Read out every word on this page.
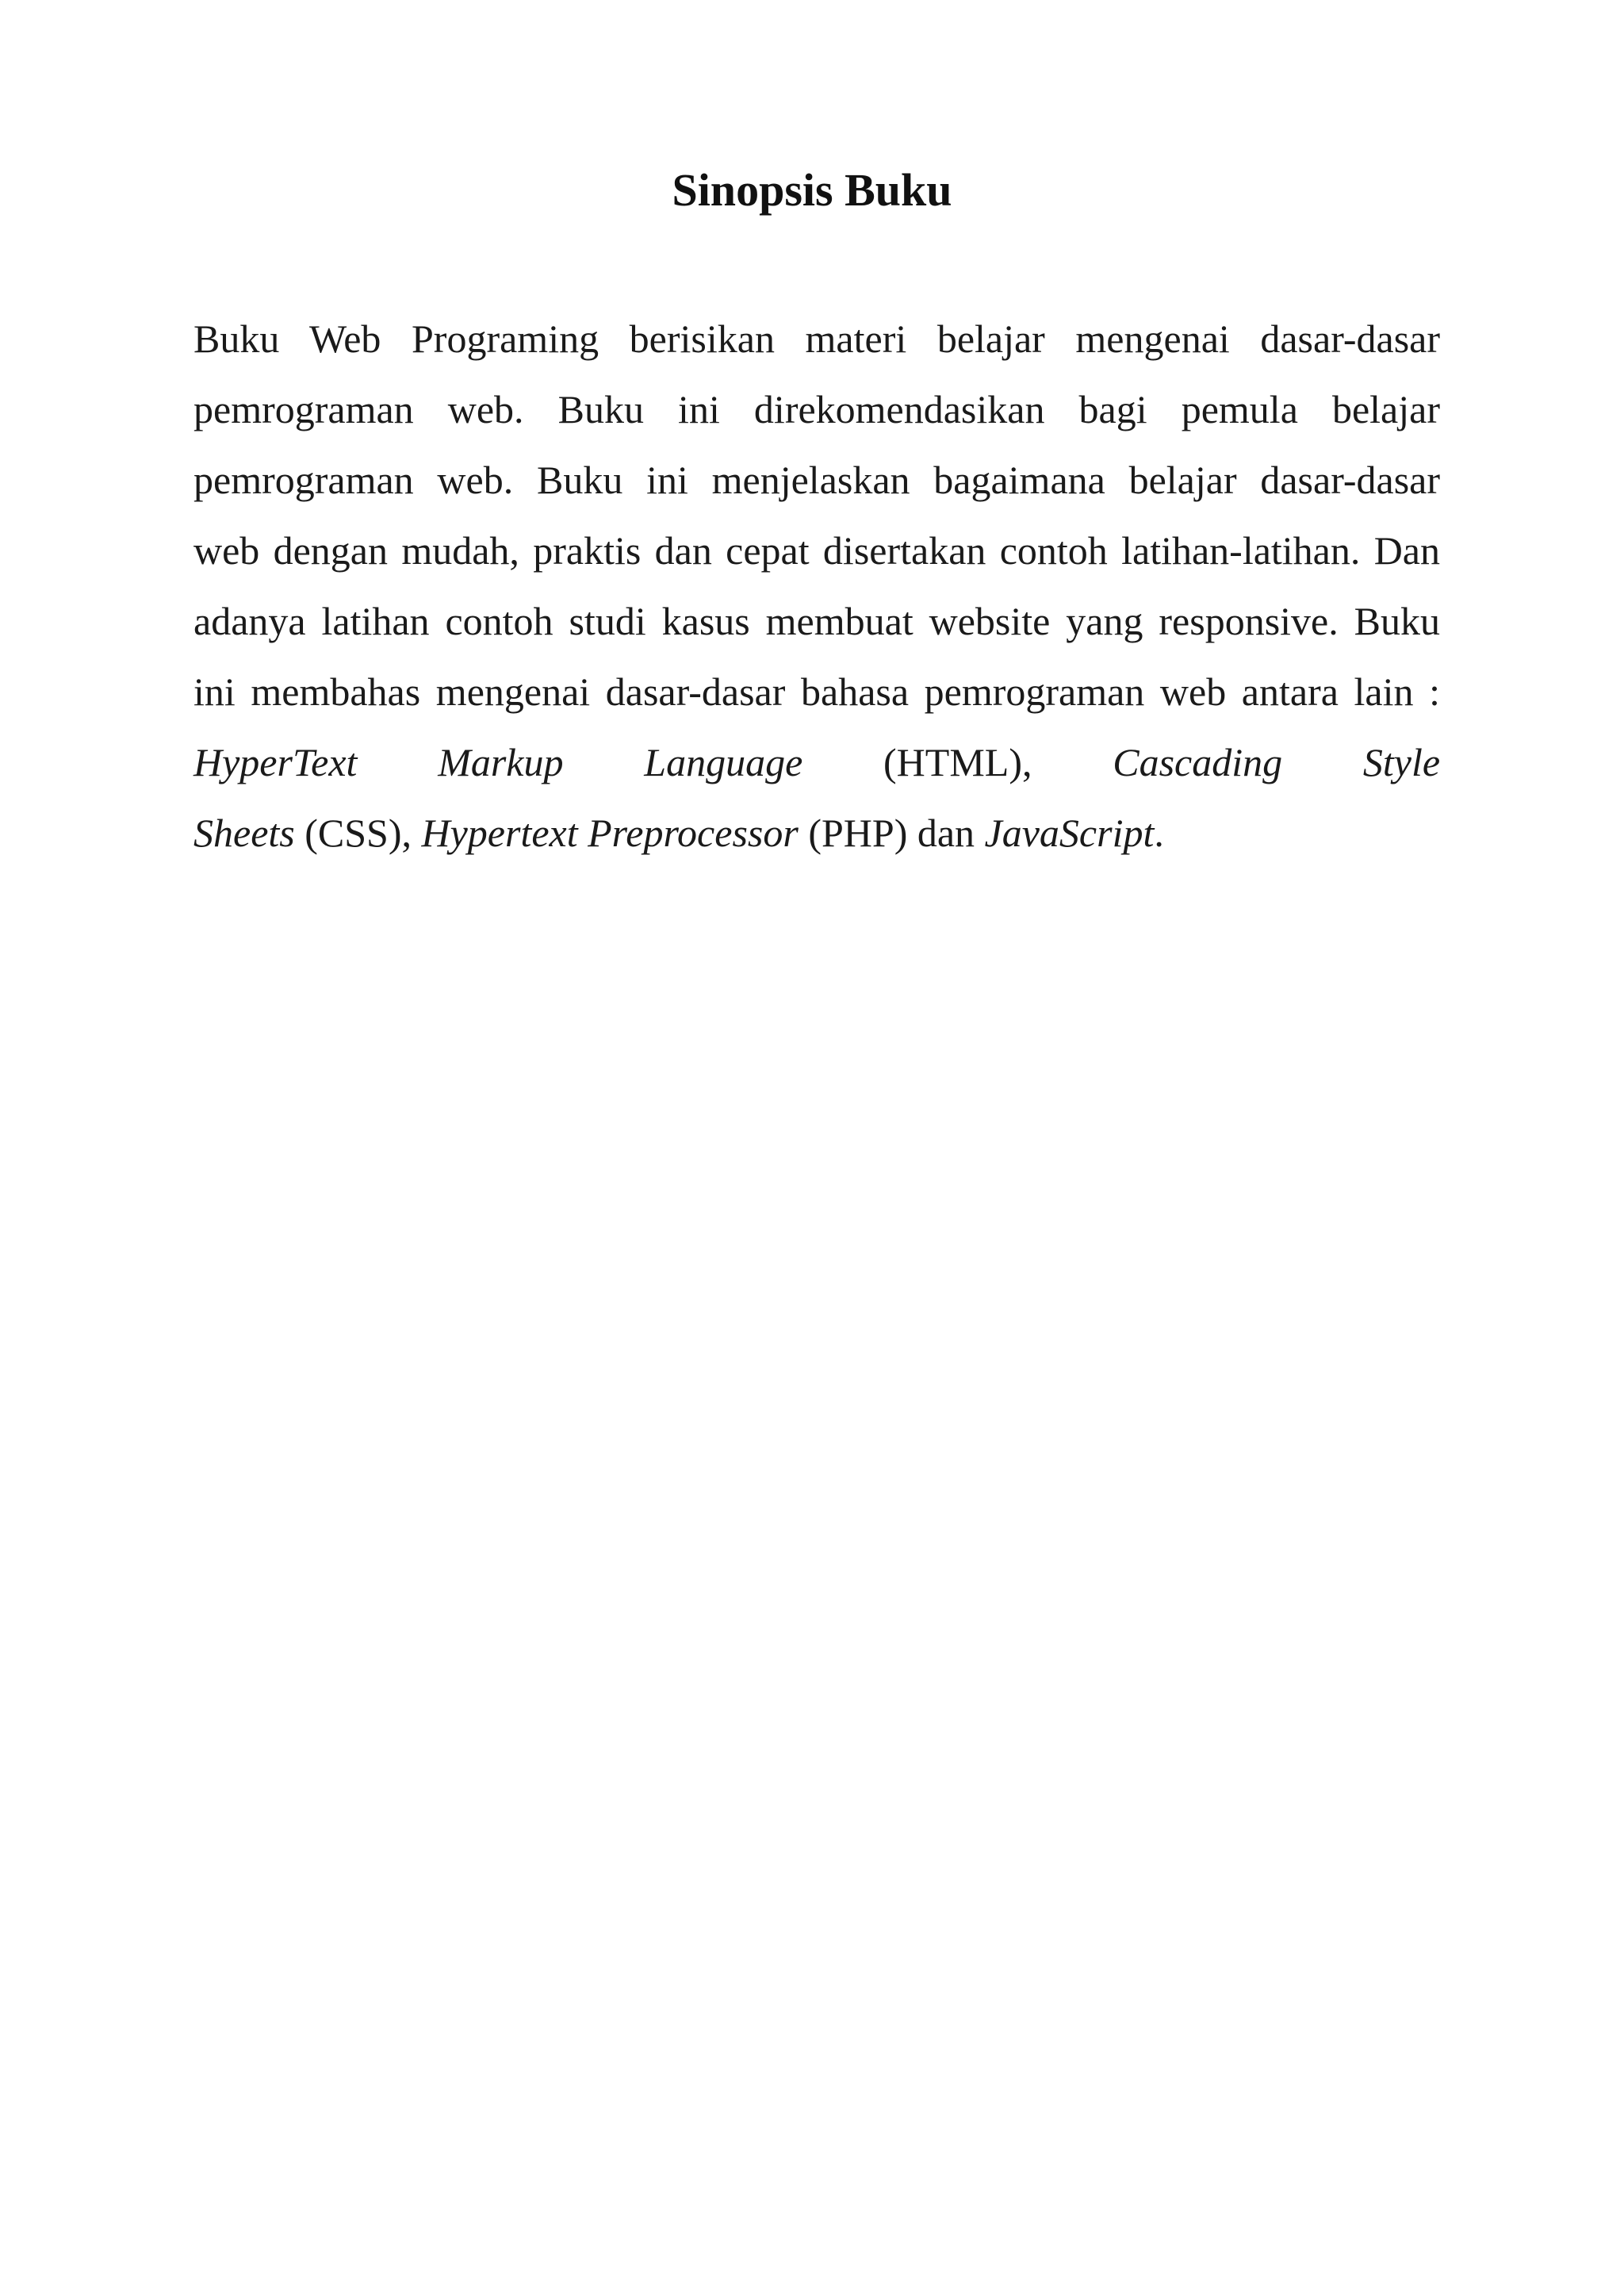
Sinopsis Buku
Buku Web Programing berisikan materi belajar mengenai dasar-dasar
pemrograman web. Buku ini direkomendasikan bagi pemula belajar
pemrograman web. Buku ini menjelaskan bagaimana belajar dasar-dasar
web dengan mudah, praktis dan cepat disertakan contoh latihan-latihan. Dan
adanya latihan contoh studi kasus membuat website yang responsive. Buku
ini membahas mengenai dasar-dasar bahasa pemrograman web antara lain :
HyperText Markup Language (HTML), Cascading Style
Sheets (CSS), Hypertext Preprocessor (PHP) dan JavaScript.
